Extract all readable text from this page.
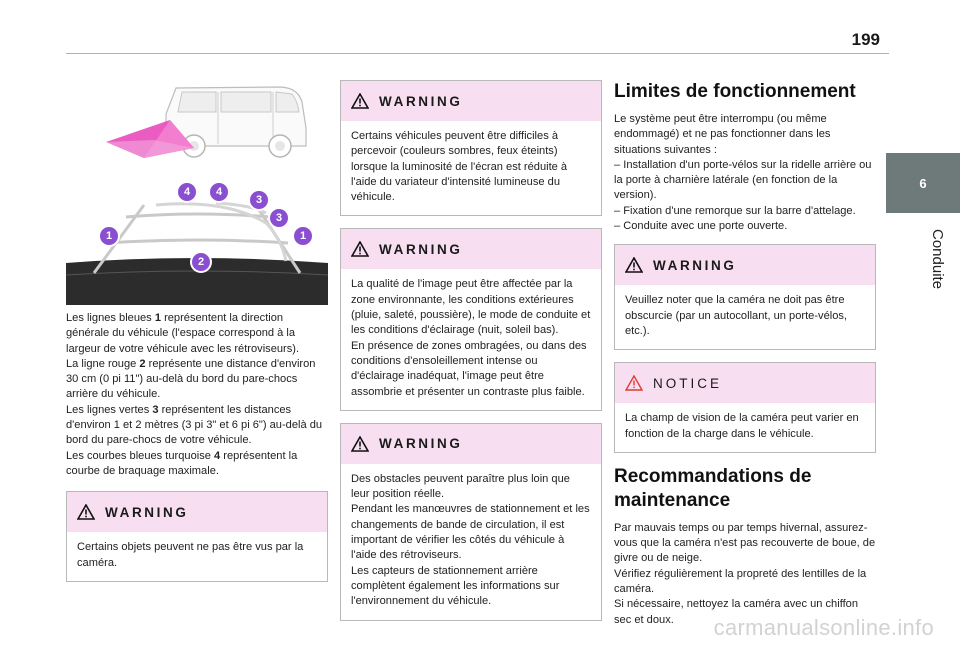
199
6
Conduite
4 4
3
3
1	1
2

Les lignes bleues 1 représentent la direction générale du véhicule (l'espace correspond à la largeur de votre véhicule avec les rétroviseurs).
La ligne rouge 2 représente une distance d'environ 30 cm (0 pi 11") au-delà du bord du pare-chocs arrière du véhicule.
Les lignes vertes 3 représentent les distances d'environ 1 et 2 mètres (3 pi 3" et 6 pi 6") au-delà du bord du pare-chocs de votre véhicule.
Les courbes bleues turquoise 4 représentent la courbe de braquage maximale.

WARNING
Certains objets peuvent ne pas être vus par la caméra.
WARNING
Certains véhicules peuvent être difficiles à percevoir (couleurs sombres, feux éteints) lorsque la luminosité de l'écran est réduite à l'aide du variateur d'intensité lumineuse du véhicule.
WARNING
La qualité de l'image peut être affectée par la zone environnante, les conditions extérieures (pluie, saleté, poussière), le mode de conduite et les conditions d'éclairage (nuit, soleil bas).
En présence de zones ombragées, ou dans des conditions d'ensoleillement intense ou d'éclairage inadéquat, l'image peut être assombrie et présenter un contraste plus faible.
WARNING
Des obstacles peuvent paraître plus loin que leur position réelle.
Pendant les manœuvres de stationnement et les changements de bande de circulation, il est important de vérifier les côtés du véhicule à l'aide des rétroviseurs.
Les capteurs de stationnement arrière complètent également les informations sur l'environnement du véhicule.
Limites de fonctionnement
Le système peut être interrompu (ou même endommagé) et ne pas fonctionner dans les situations suivantes :
– Installation d'un porte-vélos sur la ridelle arrière ou la porte à charnière latérale (en fonction de la version).
– Fixation d'une remorque sur la barre d'attelage.
– Conduite avec une porte ouverte.
WARNING
Veuillez noter que la caméra ne doit pas être obscurcie (par un autocollant, un porte-vélos, etc.).
NOTICE
La champ de vision de la caméra peut varier en fonction de la charge dans le véhicule.
Recommandations de maintenance
Par mauvais temps ou par temps hivernal, assurez-vous que la caméra n'est pas recouverte de boue, de givre ou de neige.
Vérifiez régulièrement la propreté des lentilles de la caméra.
Si nécessaire, nettoyez la caméra avec un chiffon sec et doux.	carmanualsonline.info
